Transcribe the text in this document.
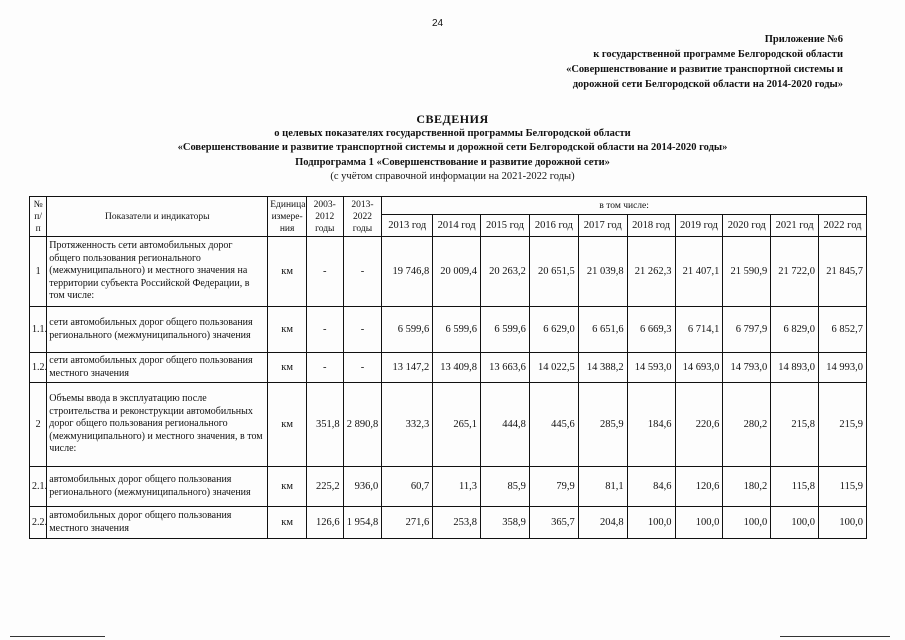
24
Приложение №6
к государственной программе Белгородской области
«Совершенствование и развитие транспортной системы и
дорожной сети Белгородской области на 2014-2020 годы»
СВЕДЕНИЯ
о целевых показателях государственной программы Белгородской области
«Совершенствование и развитие транспортной системы и дорожной сети Белгородской области на 2014-2020 годы»
Подпрограмма 1 «Совершенствование и развитие дорожной сети»
(с учётом справочной информации на 2021-2022 годы)
№ п/п	Показатели и индикаторы	Единица измере-ния	2003-2012 годы	2013-2022 годы	в том числе:									
					2013 год	2014 год	2015 год	2016 год	2017 год	2018 год	2019 год	2020 год	2021 год	2022 год
1	Протяженность сети автомобильных дорог общего пользования регионального (межмуниципального) и местного значения на территории субъекта Российской Федерации, в том числе:	км	-	-	19 746,8	20 009,4	20 263,2	20 651,5	21 039,8	21 262,3	21 407,1	21 590,9	21 722,0	21 845,7
1.1.	сети автомобильных дорог общего пользования регионального (межмуниципального) значения	км	-	-	6 599,6	6 599,6	6 599,6	6 629,0	6 651,6	6 669,3	6 714,1	6 797,9	6 829,0	6 852,7
1.2.	сети автомобильных дорог общего пользования местного значения	км	-	-	13 147,2	13 409,8	13 663,6	14 022,5	14 388,2	14 593,0	14 693,0	14 793,0	14 893,0	14 993,0
2	Объемы ввода в эксплуатацию после строительства и реконструкции автомобильных дорог общего пользования регионального (межмуниципального) и местного значения, в том числе:	км	351,8	2 890,8	332,3	265,1	444,8	445,6	285,9	184,6	220,6	280,2	215,8	215,9
2.1.	автомобильных дорог общего пользования регионального (межмуниципального) значения	км	225,2	936,0	60,7	11,3	85,9	79,9	81,1	84,6	120,6	180,2	115,8	115,9
2.2.	автомобильных дорог общего пользования местного значения	км	126,6	1 954,8	271,6	253,8	358,9	365,7	204,8	100,0	100,0	100,0	100,0	100,0
